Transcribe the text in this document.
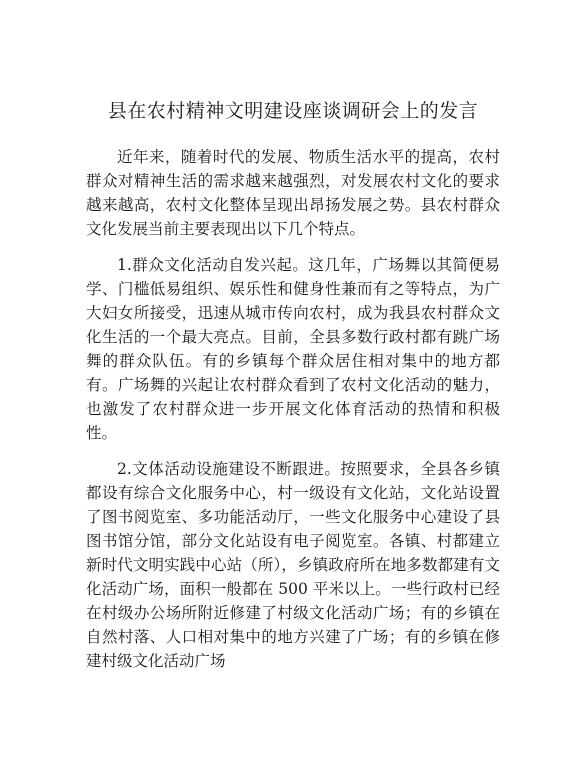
县在农村精神文明建设座谈调研会上的发言

近年来，随着时代的发展、物质生活水平的提高，农村群众对精神生活的需求越来越强烈，对发展农村文化的要求越来越高，农村文化整体呈现出昂扬发展之势。县农村群众文化发展当前主要表现出以下几个特点。

1.群众文化活动自发兴起。这几年，广场舞以其简便易学、门槛低易组织、娱乐性和健身性兼而有之等特点，为广大妇女所接受，迅速从城市传向农村，成为我县农村群众文化生活的一个最大亮点。目前，全县多数行政村都有跳广场舞的群众队伍。有的乡镇每个群众居住相对集中的地方都有。广场舞的兴起让农村群众看到了农村文化活动的魅力，也激发了农村群众进一步开展文化体育活动的热情和积极性。

2.文体活动设施建设不断跟进。按照要求，全县各乡镇都设有综合文化服务中心，村一级设有文化站，文化站设置了图书阅览室、多功能活动厅，一些文化服务中心建设了县图书馆分馆，部分文化站设有电子阅览室。各镇、村都建立新时代文明实践中心站（所），乡镇政府所在地多数都建有文化活动广场，面积一般都在 500 平米以上。一些行政村已经在村级办公场所附近修建了村级文化活动广场；有的乡镇在自然村落、人口相对集中的地方兴建了广场；有的乡镇在修建村级文化活动广场
